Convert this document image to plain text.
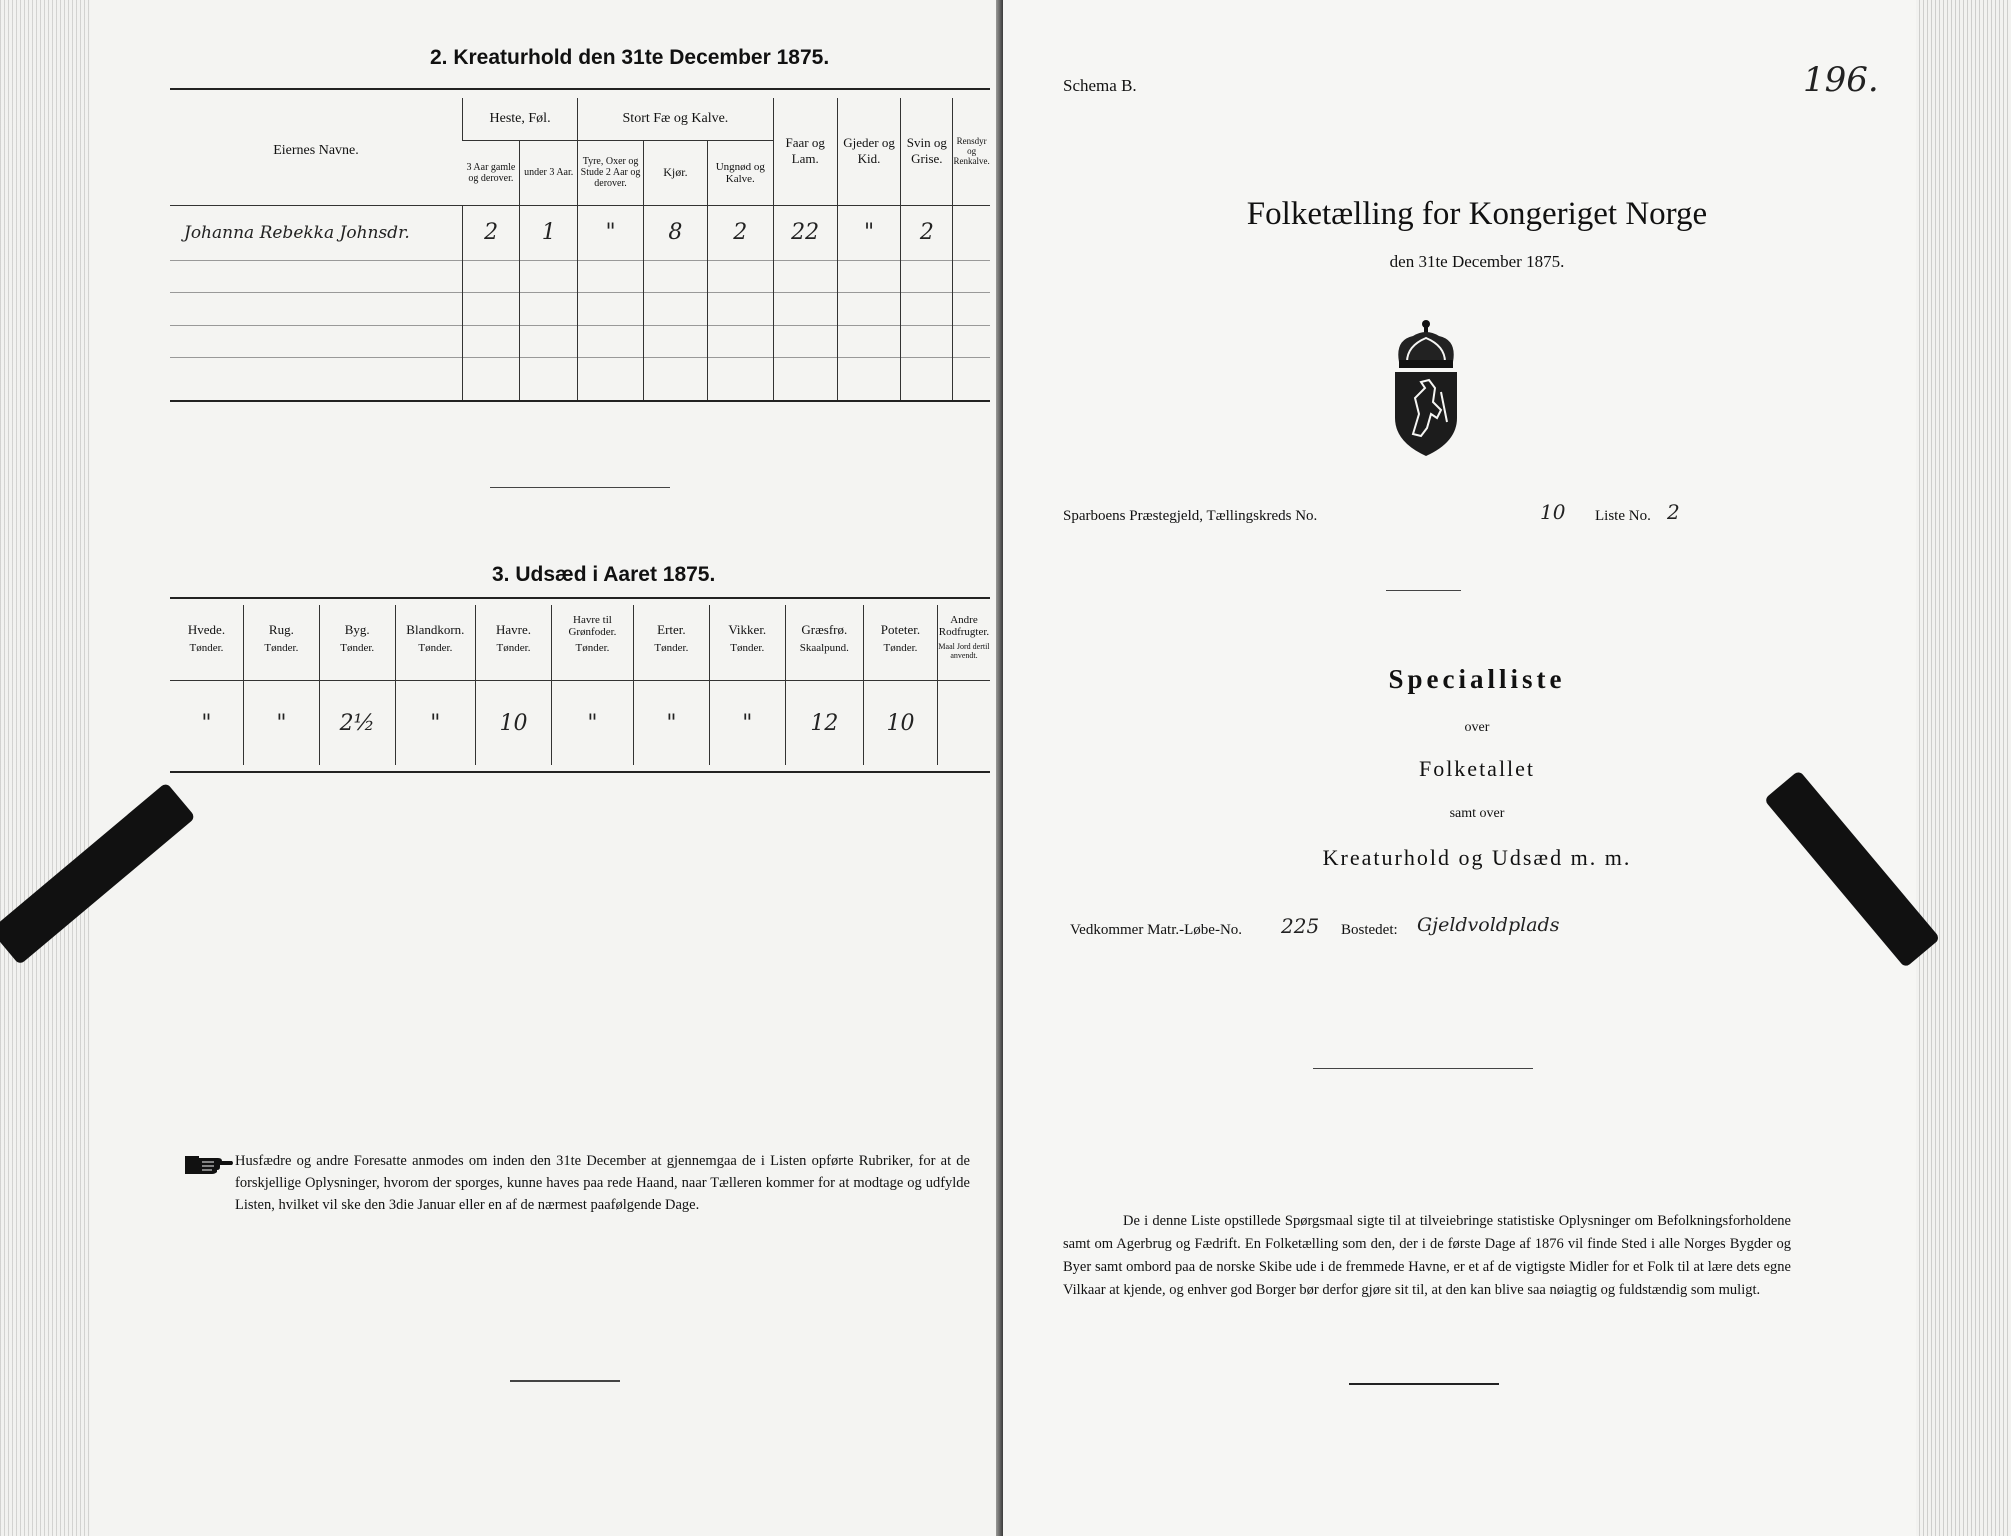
2. Kreaturhold den 31te December 1875.
Eiernes Navne.	Heste, Føl.		Stort Fæ og Kalve.			Faar og Lam.	Gjeder og Kid.	Svin og Grise.	Rensdyr og Renkalve.
	3 Aar gamle og derover.	under 3 Aar.	Tyre, Oxer og Stude 2 Aar og derover.	Kjør.	Ungnød og Kalve.				
Johanna Rebekka Johnsdr.	2	1	"	8	2	22	"	2	

3. Udsæd i Aaret 1875.
Hvede.	Rug.	Byg.	Blandkorn.	Havre.	Havre til Grønfoder.	Erter.	Vikker.	Græsfrø.	Poteter.	Andre Rodfrugter.
Tønder.	Tønder.	Tønder.	Tønder.	Tønder.	Tønder.	Tønder.	Tønder.	Skaalpund.	Tønder.	Maal Jord dertil anvendt.
"	"	2½	"	10	"	"	"	12	10	
Husfædre og andre Foresatte anmodes om inden den 31te December at gjennemgaa de i Listen opførte Rubriker, for at de forskjellige Oplysninger, hvorom der sporges, kunne haves paa rede Haand, naar Tælleren kommer for at modtage og udfylde Listen, hvilket vil ske den 3die Januar eller en af de nærmest paafølgende Dage.
Schema B.	196.
Folketælling for Kongeriget Norge
den 31te December 1875.
Sparboens Præstegjeld, Tællingskreds No.	10 Liste No. 2
Specialliste
over
Folketallet
samt over
Kreaturhold og Udsæd m. m.
Vedkommer Matr.-Løbe-No. 225 Bostedet: Gjeldvoldplads
De i denne Liste opstillede Spørgsmaal sigte til at tilveiebringe statistiske Oplysninger om Befolkningsforholdene samt om Agerbrug og Fædrift. En Folketælling som den, der i de første Dage af 1876 vil finde Sted i alle Norges Bygder og Byer samt ombord paa de norske Skibe ude i de fremmede Havne, er et af de vigtigste Midler for et Folk til at lære dets egne Vilkaar at kjende, og enhver god Borger bør derfor gjøre sit til, at den kan blive saa nøiagtig og fuldstændig som muligt.
